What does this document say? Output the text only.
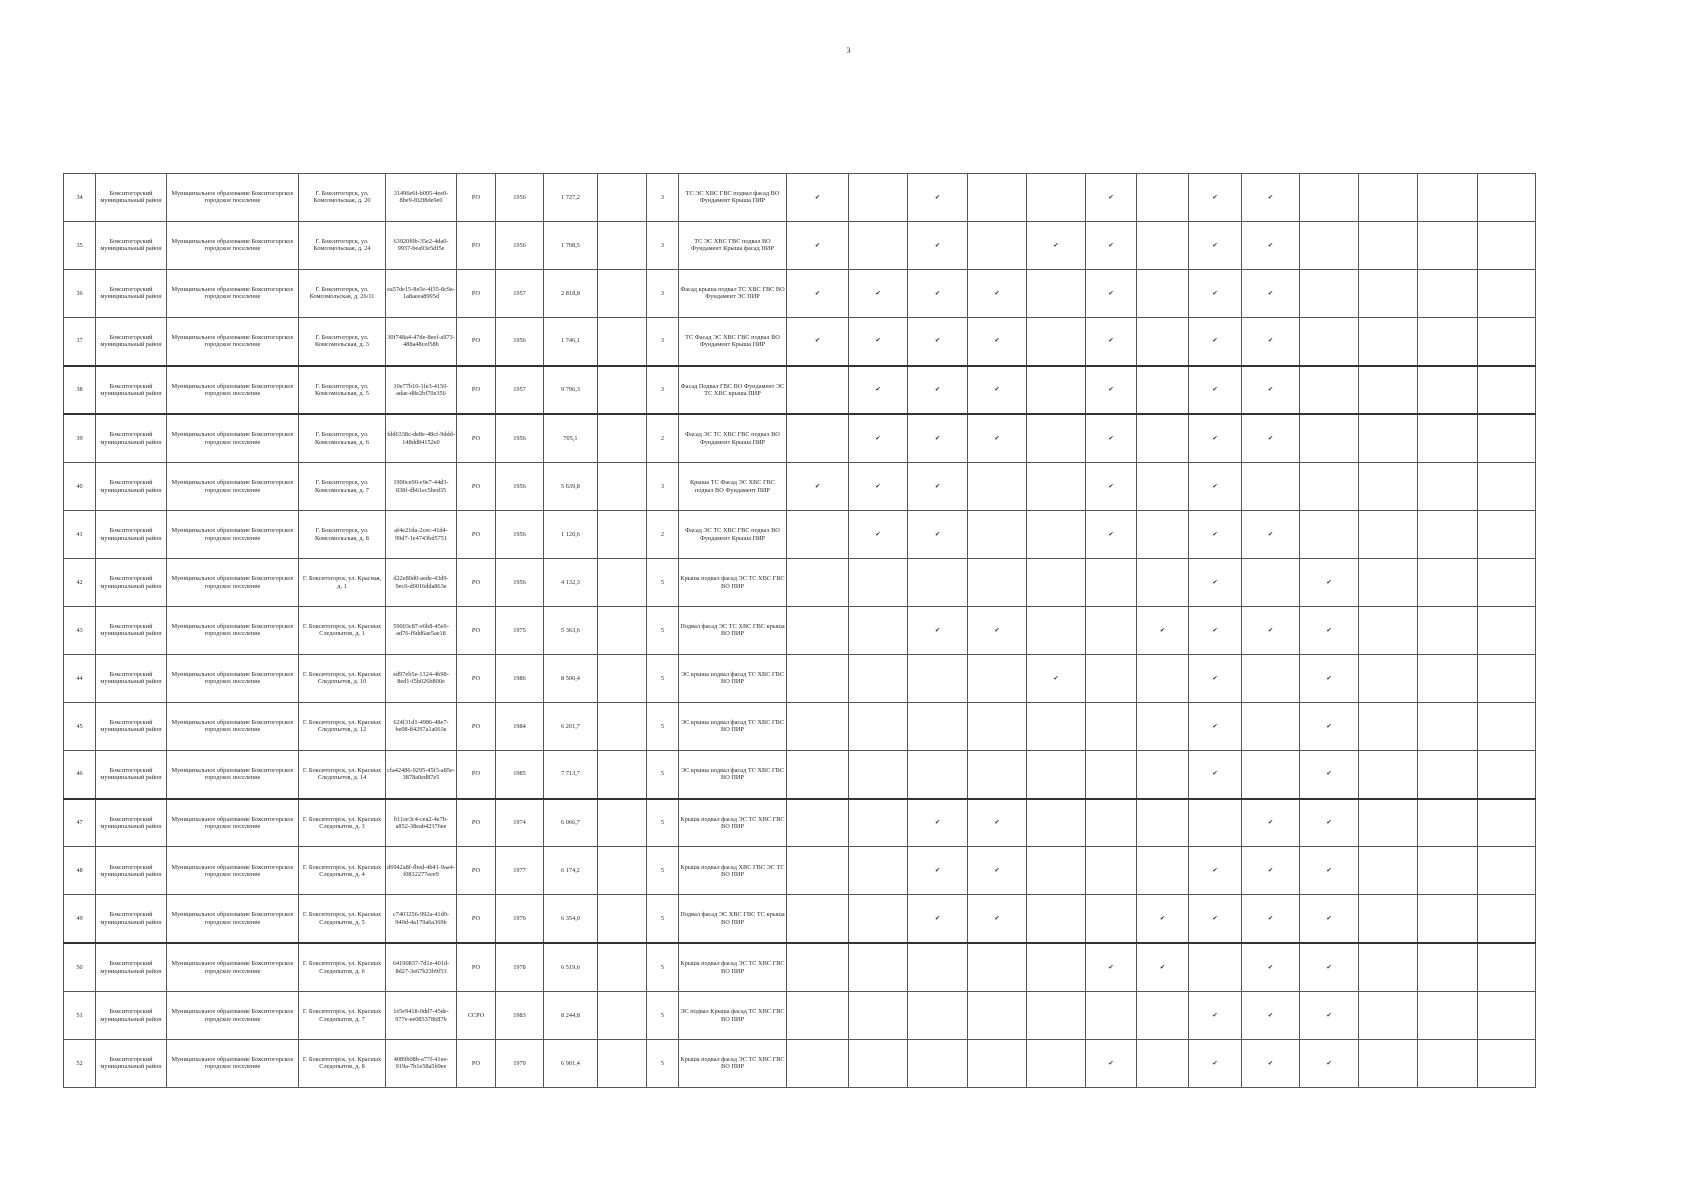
3
34	Бокситогорский муниципальный район	Муниципальное образование Бокситогорское городское поселение	Г. Бокситогорск, ул. Комсомольская, д. 20	31496e6f-b005-4ee0-8be9-f02f8de9e0	РО	1956	1 727,2		3	ТС ЭС ХВС ГВС подвал фасад ВО Фундамент Крыша ПИР	✔		✔			✔		✔	✔				
35	Бокситогорский муниципальный район	Муниципальное образование Бокситогорское городское поселение	Г. Бокситогорск, ул. Комсомольская, д. 24	63920f0b-35e2-4da0-9937-bea93e5df5e	РО	1956	1 708,5		3	ТС ЭС ХВС ГВС подвал ВО Фундамент Крыша фасад ПИР	✔		✔		✔	✔		✔	✔				
36	Бокситогорский муниципальный район	Муниципальное образование Бокситогорское городское поселение	Г. Бокситогорск, ул. Комсомольская, д. 26/11	ea57de15-8e5e-4f35-8c9a-1a8aeea8995d	РО	1957	2 818,8		3	Фасад крыша подвал ТС ХВС ГВС ВО Фундамент ЭС ПИР	✔	✔	✔	✔		✔		✔	✔				
37	Бокситогорский муниципальный район	Муниципальное образование Бокситогорское городское поселение	Г. Бокситогорск, ул. Комсомольская, д. 3	30f748a4-47de-8eef-a973-488a48cef58b	РО	1956	1 746,1		3	ТС Фасад ЭС ХВС ГВС подвал ВО Фундамент Крыша ПИР	✔	✔	✔	✔		✔		✔	✔				
38	Бокситогорский муниципальный район	Муниципальное образование Бокситогорское городское поселение	Г. Бокситогорск, ул. Комсомольская, д. 5	10e77b10-1fe3-4150-adae-d8e2bf70e356	РО	1957	9 796,3		3	Фасад Подвал ГВС ВО Фундамент ЭС ТС ХВС крыша ПИР		✔	✔	✔		✔		✔	✔				
39	Бокситогорский муниципальный район	Муниципальное образование Бокситогорское городское поселение	Г. Бокситогорск, ул. Комсомольская, д. 6	fdd6338c-de8e-48cf-9ddd-148dd84152e0	РО	1956	705,1		2	Фасад ЭС ТС ХВС ГВС подвал ВО Фундамент Крыша ПИР		✔	✔	✔		✔		✔	✔				
40	Бокситогорский муниципальный район	Муниципальное образование Бокситогорское городское поселение	Г. Бокситогорск, ул. Комсомольская, д. 7	1990ce90-e9e7-44d3-838f-db61ec5bed35	РО	1956	5 639,8		3	Крыша ТС Фасад ЭС ХВС ГВС подвал ВО Фундамент ПИР	✔	✔	✔			✔		✔					
41	Бокситогорский муниципальный район	Муниципальное образование Бокситогорское городское поселение	Г. Бокситогорск, ул. Комсомольская, д. 8	af4e21da-2cec-41d4-99d7-1e4743bd5751	РО	1956	1 120,6		2	Фасад ЭС ТС ХВС ГВС подвал ВО Фундамент Крыша ПИР		✔	✔			✔		✔	✔				
42	Бокситогорский муниципальный район	Муниципальное образование Бокситогорское городское поселение	Г. Бокситогорск, ул. Красная, д. 1	d22e80d0-aede-43d9-9ec0-d0016dda863e	РО	1956	4 132,3		5	Крыша подвал фасад ЭС ТС ХВС ГВС ВО ПИР								✔		✔			
43	Бокситогорский муниципальный район	Муниципальное образование Бокситогорское городское поселение	Г. Бокситогорск, ул. Красных Следопытов, д. 1	59003c87-e6b8-45e9-ad76-f6dd6ae5ae18	РО	1975	5 363,6		5	Подвал фасад ЭС ТС ХВС ГВС крыша ВО ПИР			✔	✔			✔	✔	✔	✔			
44	Бокситогорский муниципальный район	Муниципальное образование Бокситогорское городское поселение	Г. Бокситогорск, ул. Красных Следопытов, д. 10	ed97eb5e-1324-4b98-8ed1-f5b026b800e	РО	1986	8 506,4		5	ЭС крыша подвал фасад ТС ХВС ГВС ВО ПИР					✔			✔		✔			
45	Бокситогорский муниципальный район	Муниципальное образование Бокситогорское городское поселение	Г. Бокситогорск, ул. Красных Следопытов, д. 12	624f31d1-4986-48e7-be08-84297a1a663e	РО	1984	6 201,7		5	ЭС крыша подвал фасад ТС ХВС ГВС ВО ПИР								✔		✔			
46	Бокситогорский муниципальный район	Муниципальное образование Бокситогорское городское поселение	Г. Бокситогорск, ул. Красных Следопытов, д. 14	cfa42486-9295-45f3-a85e-3878a0ed87e5	РО	1985	7 713,7		5	ЭС крыша подвал фасад ТС ХВС ГВС ВО ПИР								✔		✔			
47	Бокситогорский муниципальный район	Муниципальное образование Бокситогорское городское поселение	Г. Бокситогорск, ул. Красных Следопытов, д. 3	b11ee3c4-cea2-4e7b-a852-38eab42376ee	РО	1974	6 066,7		5	Крыша подвал фасад ЭС ТС ХВС ГВС ВО ПИР			✔	✔					✔	✔			
48	Бокситогорский муниципальный район	Муниципальное образование Бокситогорское городское поселение	Г. Бокситогорск, ул. Красных Следопытов, д. 4	d6942a8f-fbed-4b41-9aa4-f0832277eee9	РО	1977	6 174,2		5	Крыша подвал фасад ХВС ГВС ЭС ТС ВО ПИР			✔	✔				✔	✔	✔			
49	Бокситогорский муниципальный район	Муниципальное образование Бокситогорское городское поселение	Г. Бокситогорск, ул. Красных Следопытов, д. 5	c7403256-992a-41d0-940d-4a179a6a369b	РО	1976	6 354,0		5	Подвал фасад ЭС ХВС ГВС ТС крыша ВО ПИР			✔	✔			✔	✔	✔	✔			
50	Бокситогорский муниципальный район	Муниципальное образование Бокситогорское городское поселение	Г. Бокситогорск, ул. Красных Следопытов, д. 6	64190837-7d1e-401d-8d27-3e67b23b9f53	РО	1978	6 519,6		5	Крыша подвал фасад ЭС ТС ХВС ГВС ВО ПИР						✔	✔		✔	✔			
51	Бокситогорский муниципальный район	Муниципальное образование Бокситогорское городское поселение	Г. Бокситогорск, ул. Красных Следопытов, д. 7	1e5e9418-0dd7-45de-977e-ee083378687b	ССРО	1983	8 244,8		5	ЭС подвал Крыша фасад ТС ХВС ГВС ВО ПИР								✔	✔	✔			
52	Бокситогорский муниципальный район	Муниципальное образование Бокситогорское городское поселение	Г. Бокситогорск, ул. Красных Следопытов, д. 8	4089b08b-a77f-41ee-919a-7b1e58a5b9ee	РО	1979	6 901,4		5	Крыша подвал фасад ЭС ТС ХВС ГВС ВО ПИР						✔		✔	✔	✔			
